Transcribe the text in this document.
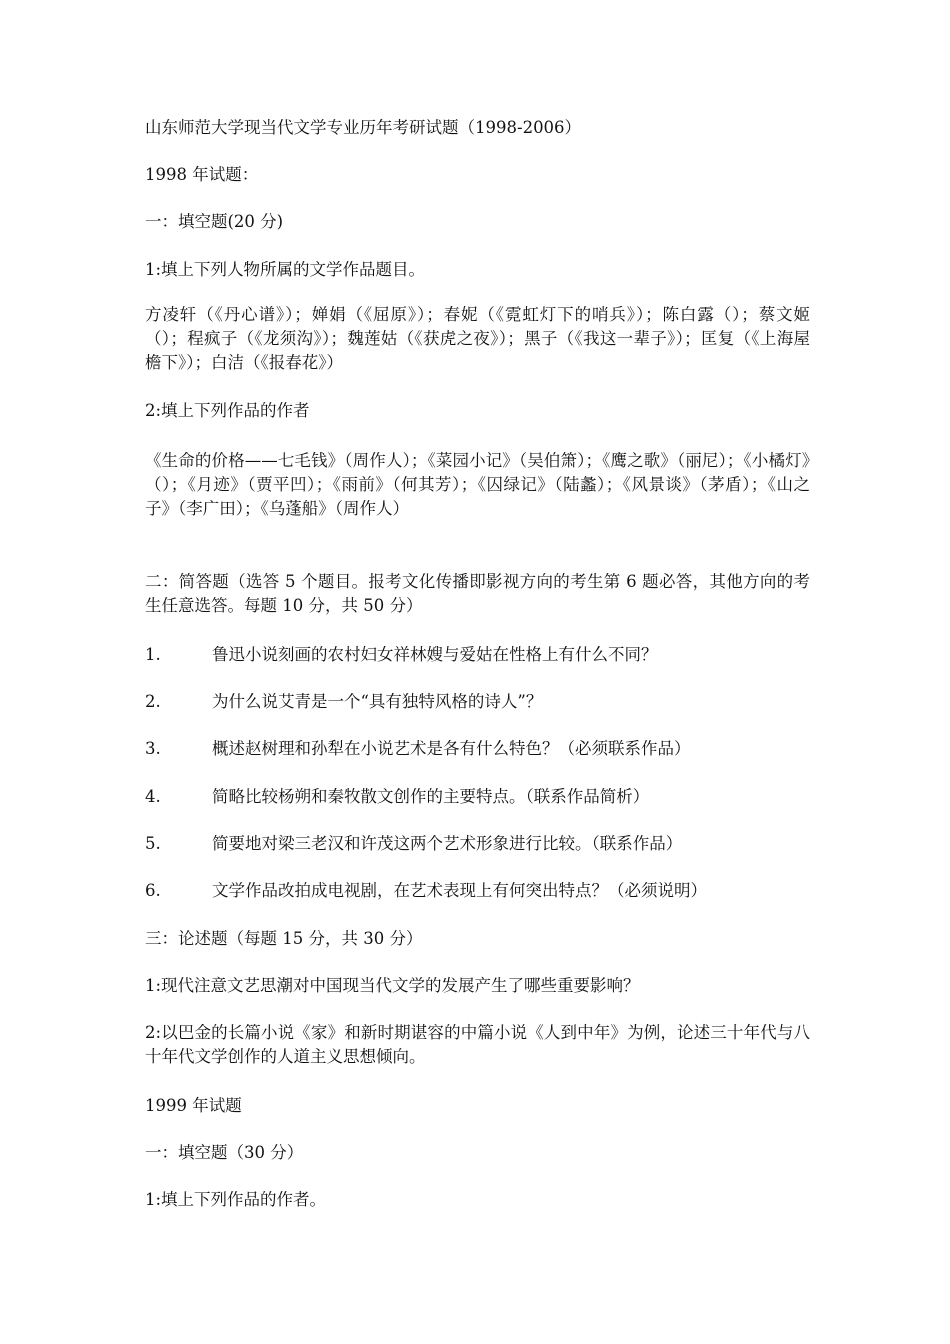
山东师范大学现当代文学专业历年考研试题（1998-2006）

1998 年试题：

一：填空题(20 分)

1:填上下列人物所属的文学作品题目。

方凌轩（《丹心谱》）；婵娟（《屈原》）；春妮（《霓虹灯下的哨兵》）；陈白露（）；蔡文姬（）；程疯子（《龙须沟》）；魏莲姑（《获虎之夜》）；黑子（《我这一辈子》）；匡复（《上海屋檐下》）；白洁（《报春花》）

2:填上下列作品的作者

《生命的价格——七毛钱》（周作人）；《菜园小记》（吴伯箫）；《鹰之歌》（丽尼）；《小橘灯》（）；《月迹》（贾平凹）；《雨前》（何其芳）；《囚绿记》（陆蠡）；《风景谈》（茅盾）；《山之子》（李广田）；《乌蓬船》（周作人）

二：简答题（选答 5 个题目。报考文化传播即影视方向的考生第 6 题必答，其他方向的考生任意选答。每题 10 分，共 50 分）

1.	鲁迅小说刻画的农村妇女祥林嫂与爱姑在性格上有什么不同？
2.	为什么说艾青是一个“具有独特风格的诗人”？
3.	概述赵树理和孙犁在小说艺术是各有什么特色？（必须联系作品）
4.	简略比较杨朔和秦牧散文创作的主要特点。（联系作品简析）
5.	简要地对梁三老汉和许茂这两个艺术形象进行比较。（联系作品）
6.	文学作品改拍成电视剧，在艺术表现上有何突出特点？（必须说明）

三：论述题（每题 15 分，共 30 分）

1:现代注意文艺思潮对中国现当代文学的发展产生了哪些重要影响？

2:以巴金的长篇小说《家》和新时期谌容的中篇小说《人到中年》为例，论述三十年代与八十年代文学创作的人道主义思想倾向。

1999 年试题

一：填空题（30 分）

1:填上下列作品的作者。
